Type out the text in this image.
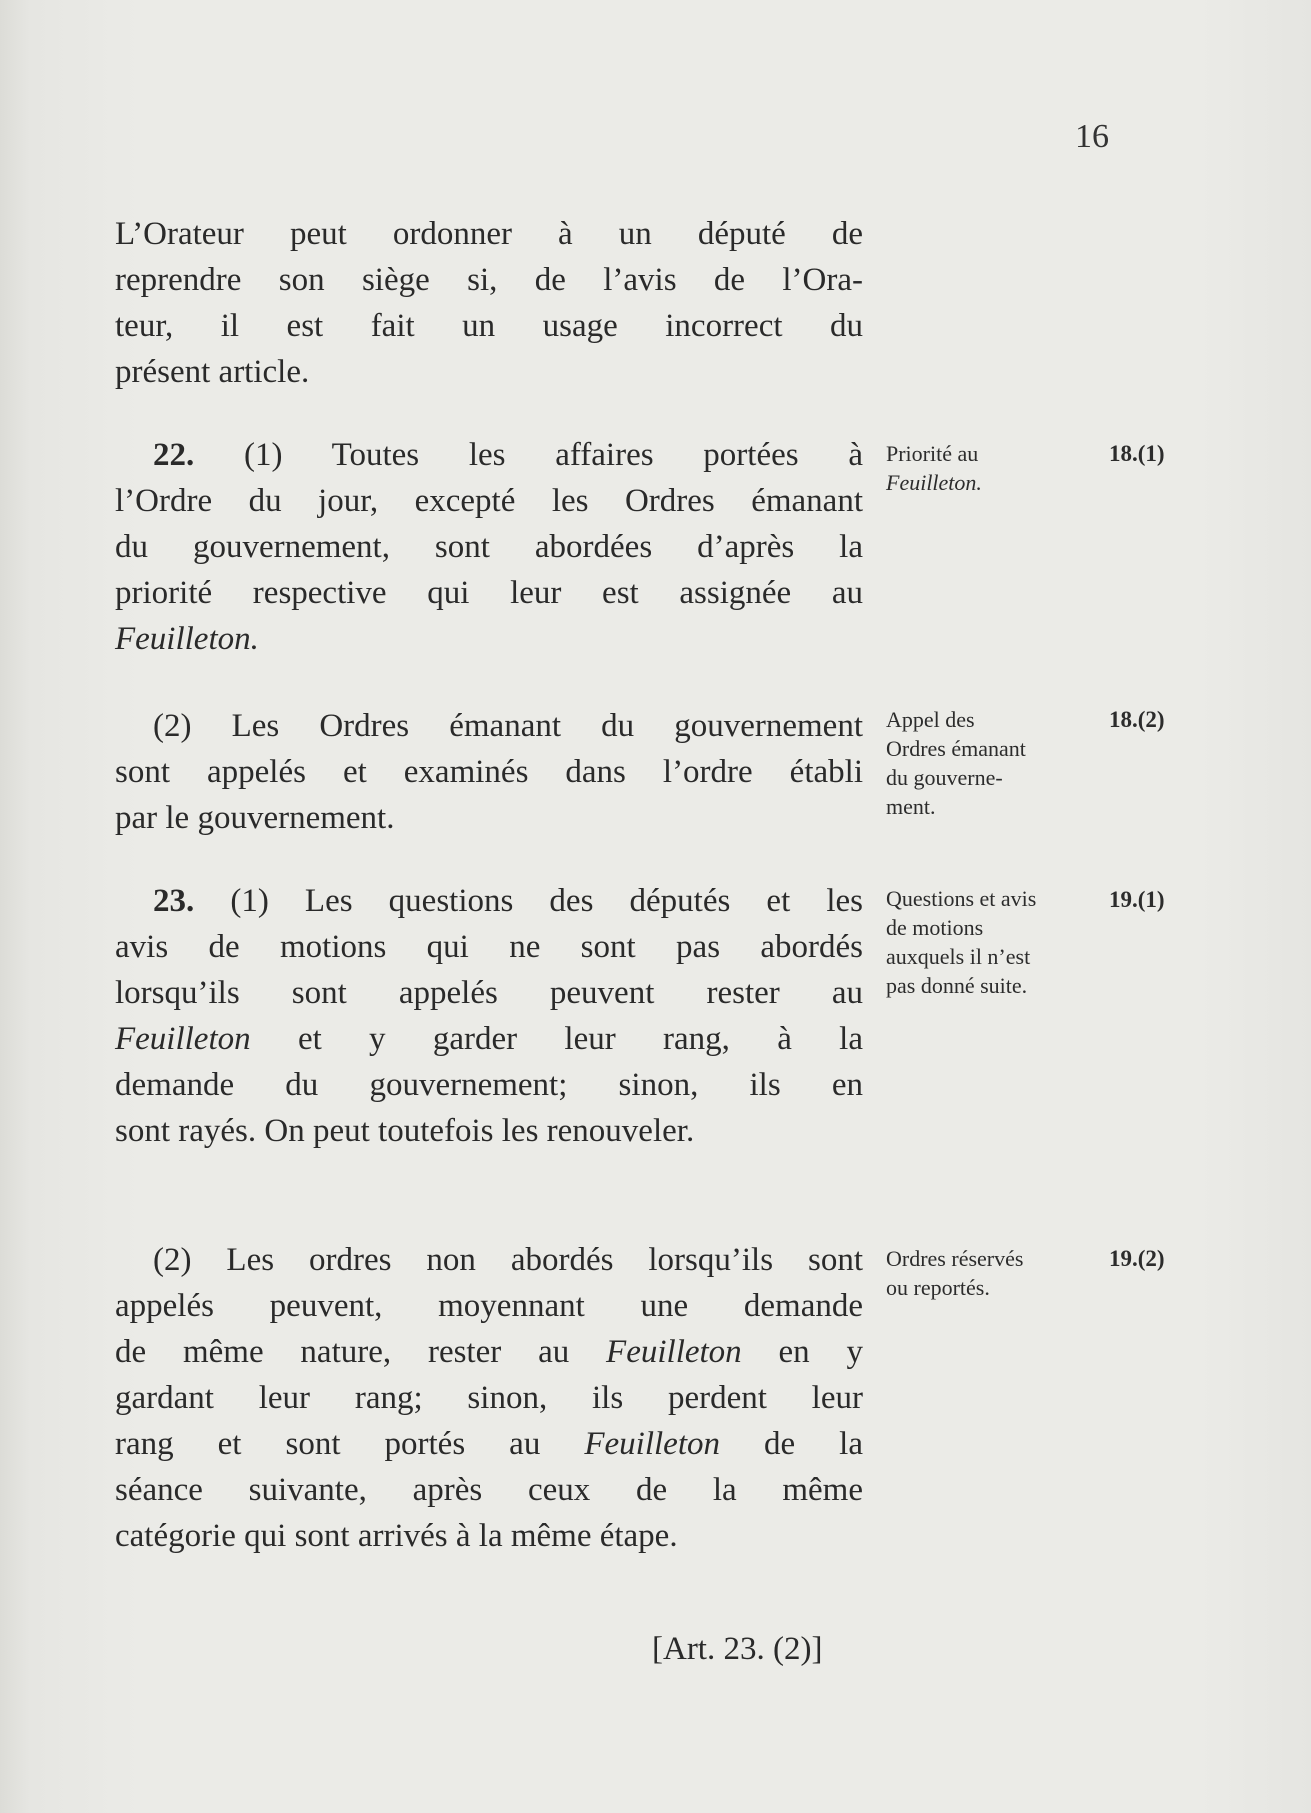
16
L’Orateur peut ordonner à un député de
reprendre son siège si, de l’avis de l’Ora-
teur, il est fait un usage incorrect du
présent article.
22. (1) Toutes les affaires portées à
l’Ordre du jour, excepté les Ordres émanant
du gouvernement, sont abordées d’après la
priorité respective qui leur est assignée au
Feuilleton.
Priorité au
Feuilleton.
18.(1)
(2) Les Ordres émanant du gouvernement
sont appelés et examinés dans l’ordre établi
par le gouvernement.
Appel des
Ordres émanant
du gouverne-
ment.
18.(2)
23. (1) Les questions des députés et les
avis de motions qui ne sont pas abordés
lorsqu’ils sont appelés peuvent rester au
Feuilleton et y garder leur rang, à la
demande du gouvernement; sinon, ils en
sont rayés. On peut toutefois les renouveler.
Questions et avis
de motions
auxquels il n’est
pas donné suite.
19.(1)
(2) Les ordres non abordés lorsqu’ils sont
appelés peuvent, moyennant une demande
de même nature, rester au Feuilleton en y
gardant leur rang; sinon, ils perdent leur
rang et sont portés au Feuilleton de la
séance suivante, après ceux de la même
catégorie qui sont arrivés à la même étape.
Ordres réservés
ou reportés.
19.(2)
[Art. 23. (2)]
